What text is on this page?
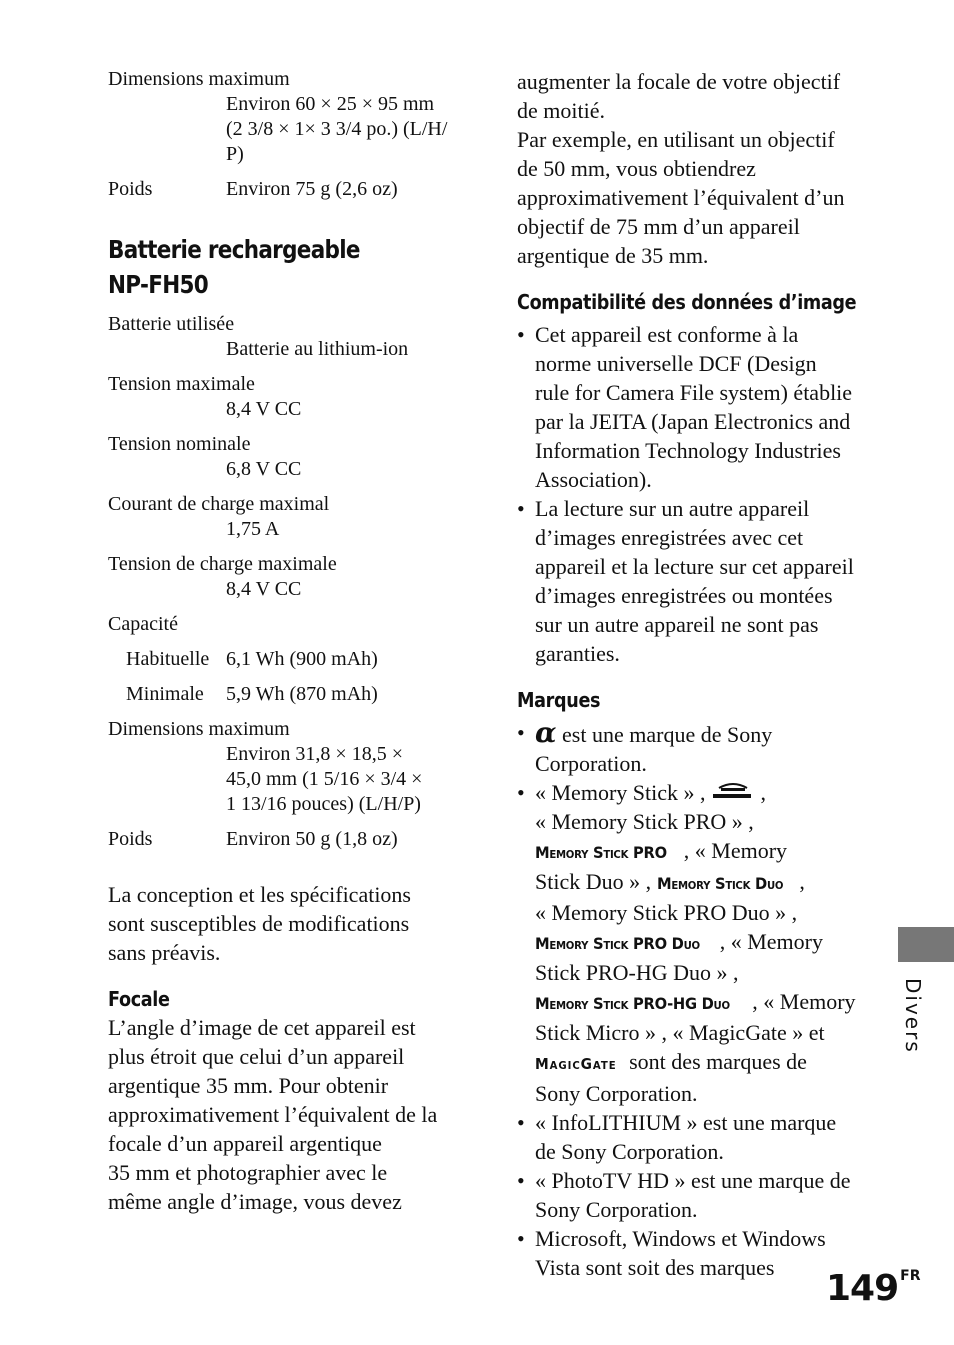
Dimensions maximum
Environ 60 × 25 × 95 mm
(2 3/8 × 1× 3 3/4 po.) (L/H/
P)
Poids	Environ 75 g (2,6 oz)
Batterie rechargeable
NP-FH50
Batterie utilisée
Batterie au lithium-ion
Tension maximale
8,4 V CC
Tension nominale
6,8 V CC
Courant de charge maximal
1,75 A
Tension de charge maximale
8,4 V CC
Capacité
Habituelle 6,1 Wh (900 mAh)
Minimale	5,9 Wh (870 mAh)
Dimensions maximum
Environ 31,8 × 18,5 ×
45,0 mm (1 5/16 × 3/4 ×
1 13/16 pouces) (L/H/P)
Poids	Environ 50 g (1,8 oz)

La conception et les spécifications

sont susceptibles de modifications

sans préavis.

Focale

L’angle d’image de cet appareil est

plus étroit que celui d’un appareil

argentique 35 mm. Pour obtenir

approximativement l’équivalent de la

focale d’un appareil argentique

35 mm et photographier avec le

même angle d’image, vous devez

augmenter la focale de votre objectif

de moitié.

Par exemple, en utilisant un objectif

de 50 mm, vous obtiendrez

approximativement l’équivalent d’un

objectif de 75 mm d’un appareil

argentique de 35 mm.

Compatibilité des données d’image
• Cet appareil est conforme à la
norme universelle DCF (Design
rule for Camera File system) établie
par la JEITA (Japan Electronics and
Information Technology Industries
Association).
• La lecture sur un autre appareil
d’images enregistrées avec cet
appareil et la lecture sur cet appareil
d’images enregistrées ou montées
sur un autre appareil ne sont pas
garanties.
Marques
• α est une marque de Sony
Corporation.
• « Memory Stick » ,  ,
« Memory Stick PRO » ,
Memory Stick PRO , « Memory
Stick Duo » , Memory Stick Duo ,
« Memory Stick PRO Duo » ,
Memory Stick PRO Duo , « Memory
Stick PRO-HG Duo » ,
Memory Stick PRO-HG Duo , « Memory
Stick Micro » , « MagicGate » et
MagicGate sont des marques de
Sony Corporation.
• « InfoLITHIUM » est une marque
de Sony Corporation.
• « PhotoTV HD » est une marque de
Sony Corporation.
• Microsoft, Windows et Windows
Vista sont soit des marques
Divers
149 $^{FR}$
